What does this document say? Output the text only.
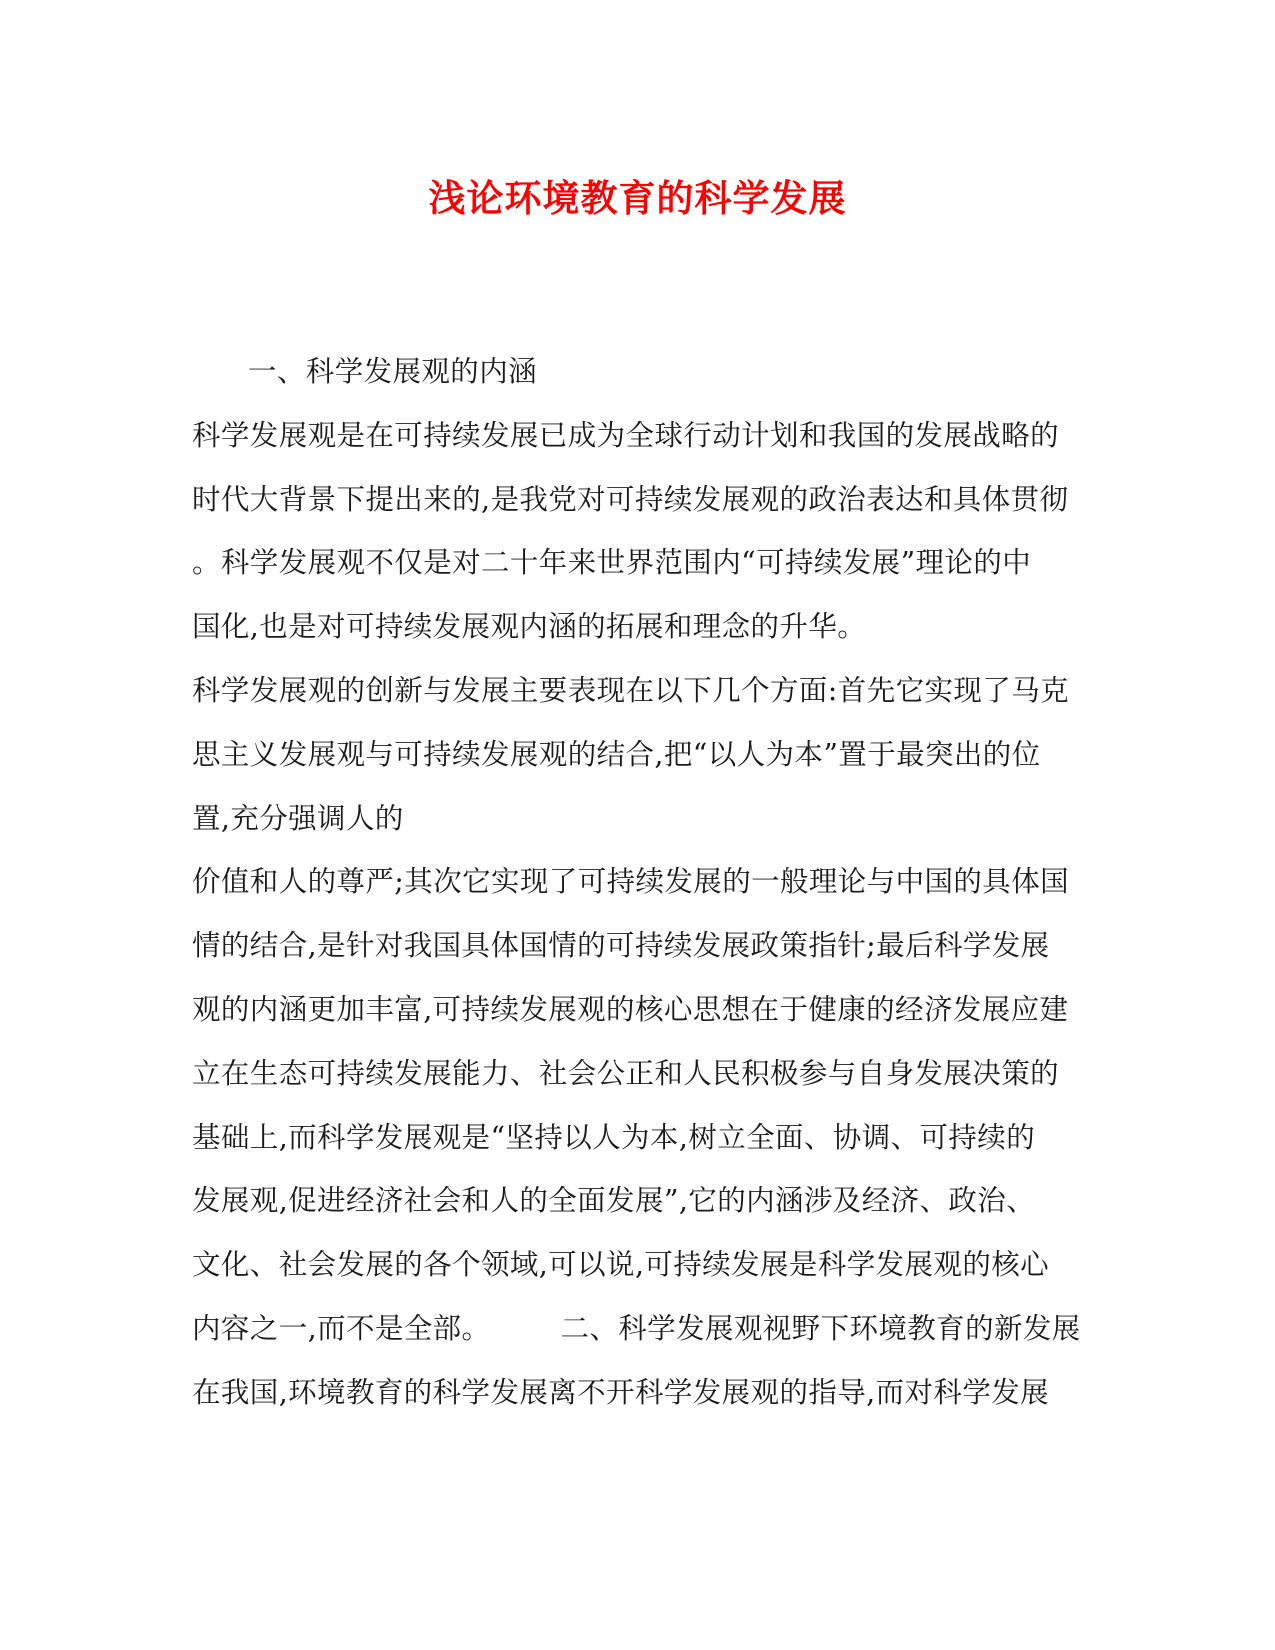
浅论环境教育的科学发展
一、科学发展观的内涵
科学发展观是在可持续发展已成为全球行动计划和我国的发展战略的
时代大背景下提出来的,是我党对可持续发展观的政治表达和具体贯彻
。科学发展观不仅是对二十年来世界范围内“可持续发展”理论的中
国化,也是对可持续发展观内涵的拓展和理念的升华。
科学发展观的创新与发展主要表现在以下几个方面:首先它实现了马克
思主义发展观与可持续发展观的结合,把“以人为本”置于最突出的位
置,充分强调人的
价值和人的尊严;其次它实现了可持续发展的一般理论与中国的具体国
情的结合,是针对我国具体国情的可持续发展政策指针;最后科学发展
观的内涵更加丰富,可持续发展观的核心思想在于健康的经济发展应建
立在生态可持续发展能力、社会公正和人民积极参与自身发展决策的
基础上,而科学发展观是“坚持以人为本,树立全面、协调、可持续的
发展观,促进经济社会和人的全面发展”,它的内涵涉及经济、政治、
文化、社会发展的各个领域,可以说,可持续发展是科学发展观的核心
内容之一,而不是全部。 二、科学发展观视野下环境教育的新发展
在我国,环境教育的科学发展离不开科学发展观的指导,而对科学发展
